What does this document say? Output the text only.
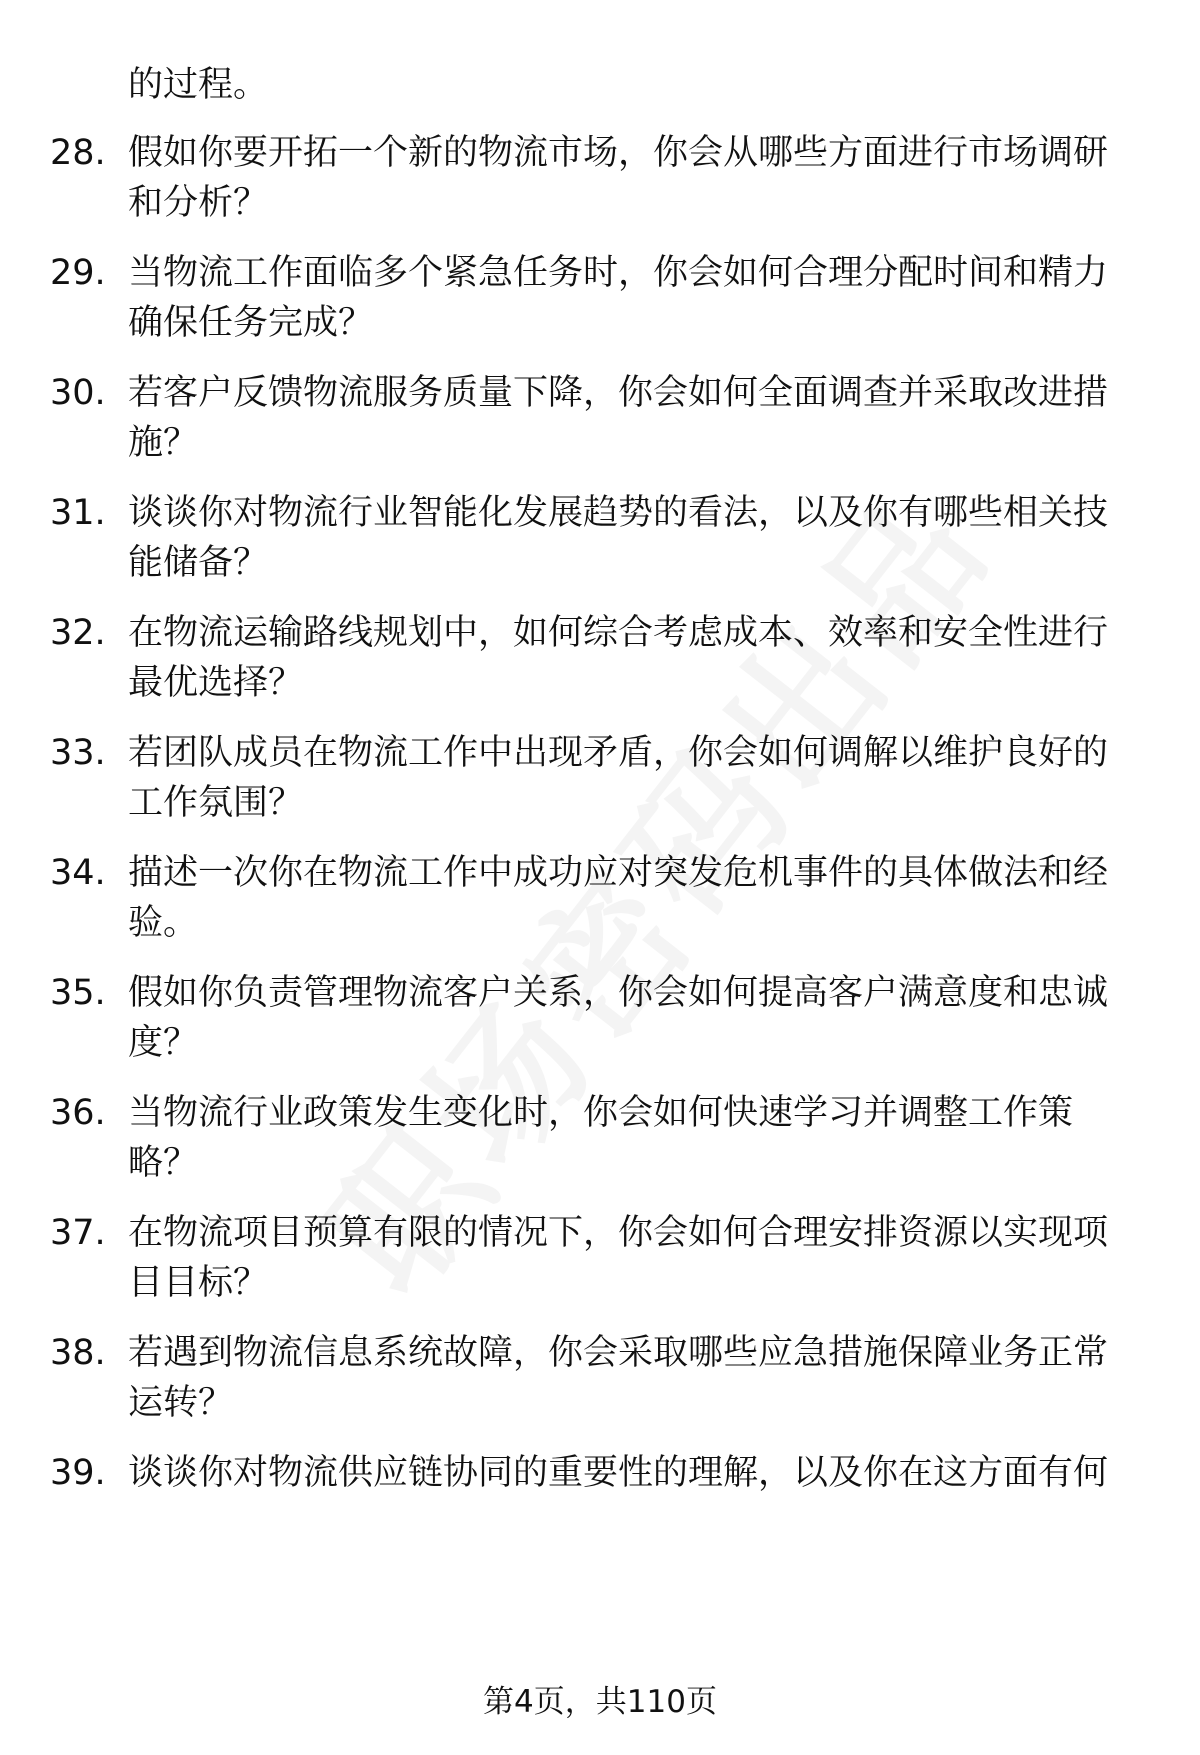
的过程。
28. 假如你要开拓一个新的物流市场，你会从哪些方面进行市场调研和分析？
29. 当物流工作面临多个紧急任务时，你会如何合理分配时间和精力确保任务完成？
30. 若客户反馈物流服务质量下降，你会如何全面调查并采取改进措施？
31. 谈谈你对物流行业智能化发展趋势的看法，以及你有哪些相关技能储备？
32. 在物流运输路线规划中，如何综合考虑成本、效率和安全性进行最优选择？
33. 若团队成员在物流工作中出现矛盾，你会如何调解以维护良好的工作氛围？
34. 描述一次你在物流工作中成功应对突发危机事件的具体做法和经验。
35. 假如你负责管理物流客户关系，你会如何提高客户满意度和忠诚度？
36. 当物流行业政策发生变化时，你会如何快速学习并调整工作策略？
37. 在物流项目预算有限的情况下，你会如何合理安排资源以实现项目目标？
38. 若遇到物流信息系统故障，你会采取哪些应急措施保障业务正常运转？
39. 谈谈你对物流供应链协同的重要性的理解，以及你在这方面有何
第4页，共110页
